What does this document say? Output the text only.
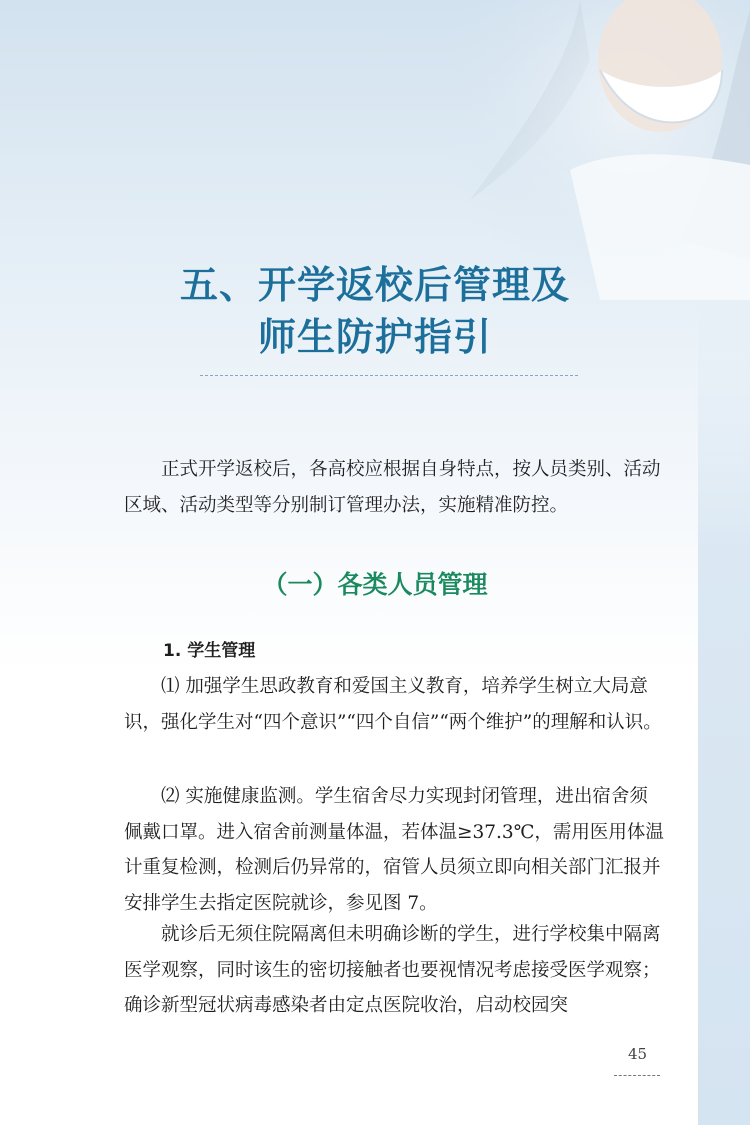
五、开学返校后管理及
师生防护指引

　　正式开学返校后，各高校应根据自身特点，按人员类别、活动区域、活动类型等分别制订管理办法，实施精准防控。

（一）各类人员管理
1. 学生管理

　　⑴ 加强学生思政教育和爱国主义教育，培养学生树立大局意识，强化学生对“四个意识”“四个自信”“两个维护”的理解和认识。

　　⑵ 实施健康监测。学生宿舍尽力实现封闭管理，进出宿舍须佩戴口罩。进入宿舍前测量体温，若体温≥37.3℃，需用医用体温计重复检测，检测后仍异常的，宿管人员须立即向相关部门汇报并安排学生去指定医院就诊，参见图 7。

　　就诊后无须住院隔离但未明确诊断的学生，进行学校集中隔离医学观察，同时该生的密切接触者也要视情况考虑接受医学观察；确诊新型冠状病毒感染者由定点医院收治，启动校园突

45
